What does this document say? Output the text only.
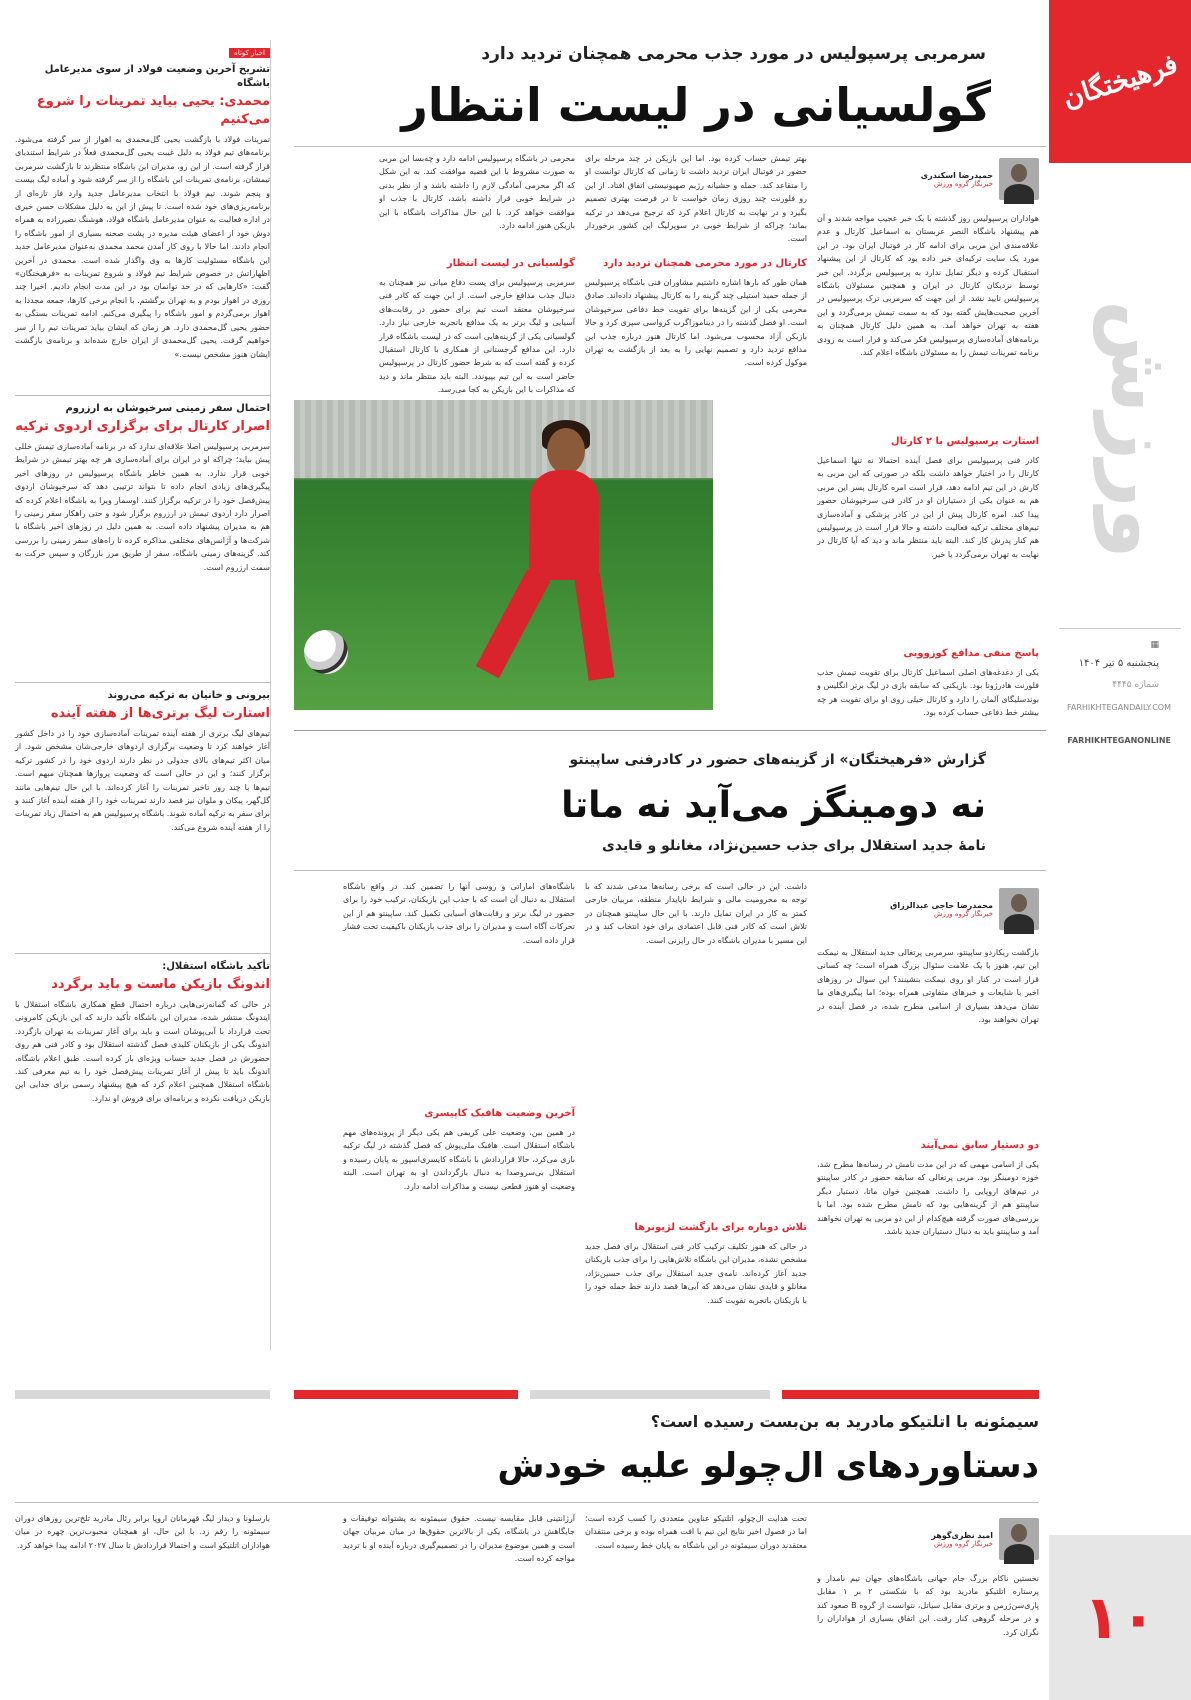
فرهیختگان
ورزش
▦
پنجشنبه ۵ تیر ۱۴۰۴
شماره ۴۴۴۵
FARHIKHTEGANDAILY.COM
FARHIKHTEGANONLINE
۱۰
سرمربی پرسپولیس در مورد جذب محرمی همچنان تردید دارد
گولسیانی در لیست انتظار
حمیدرضا اسکندری
خبرنگار گروه ورزش
هواداران پرسپولیس روز گذشته با یک خبر عجیب مواجه شدند و آن هم پیشنهاد باشگاه النصر عربستان به اسماعیل کارتال و عدم علاقه‌مندی این مربی برای ادامه کار در فوتبال ایران بود. در این مورد یک سایت ترکیه‌ای خبر داده بود که کارتال از این پیشنهاد استقبال کرده و دیگر تمایل ندارد به پرسپولیس برگردد. این خبر توسط نزدیکان کارتال در ایران و همچنین مسئولان باشگاه پرسپولیس تایید نشد. از این جهت که سرمربی ترک پرسپولیس در آخرین صحبت‌هایش گفته بود که به سمت تیمش برمی‌گردد و این هفته به تهران خواهد آمد. به همین دلیل کارتال همچنان به برنامه‌های آماده‌سازی پرسپولیس فکر می‌کند و قرار است به زودی برنامه تمرینات تیمش را به مسئولان باشگاه اعلام کند.
استارت پرسپولیس با ۲ کارتال
کادر فنی پرسپولیس برای فصل آینده احتمالا نه تنها اسماعیل کارتال را در اختیار خواهد داشت بلکه در صورتی که این مربی به کارش در این تیم ادامه دهد، قرار است امره کارتال پسر این مربی هم به عنوان یکی از دستیاران او در کادر فنی سرخپوشان حضور پیدا کند. امره کارتال پیش از این در کادر پزشکی و آماده‌سازی تیم‌های مختلف ترکیه فعالیت داشته و حالا قرار است در پرسپولیس هم کنار پدرش کار کند. البته باید منتظر ماند و دید که آیا کارتال در نهایت به تهران برمی‌گردد یا خیر.
پاسخ منفی مدافع کوزوویی
یکی از دغدغه‌های اصلی اسماعیل کارتال برای تقویت تیمش جذب فلورنت هادرژونا بود. بازیکنی که سابقه بازی در لیگ برتر انگلیس و بوندسلیگای آلمان را دارد و کارتال خیلی روی او برای تقویت هر چه بیشتر خط دفاعی حساب کرده بود.
بهتر تیمش حساب کرده بود. اما این بازیکن در چند مرحله برای حضور در فوتبال ایران تردید داشت تا زمانی که کارتال توانست او را متقاعد کند. حمله و حشیانه رژیم صهیونیستی اتفاق افتاد. از این رو فلورنت چند روزی زمان خواست تا در فرصت بهتری تصمیم بگیرد و در نهایت به کارتال اعلام کرد که ترجیح می‌دهد در ترکیه بماند؛ چراکه از شرایط خوبی در سوپرلیگ این کشور برخوردار است.
کارتال در مورد محرمی همچنان تردید دارد
همان طور که بارها اشاره داشتیم مشاوران فنی باشگاه پرسپولیس از جمله حمید استیلی چند گزینه را به کارتال پیشنهاد داده‌اند. صادق محرمی یکی از این گزینه‌ها برای تقویت خط دفاعی سرخپوشان است. او فصل گذشته را در دیناموزاگرب کرواسی سپری کرد و حالا بازیکن آزاد محسوب می‌شود. اما کارتال هنوز درباره جذب این مدافع تردید دارد و تصمیم نهایی را به بعد از بازگشت به تهران موکول کرده است.
محرمی در باشگاه پرسپولیس ادامه دارد و چه‌بسا این مربی به صورت مشروط با این قضیه موافقت کند. به این شکل که اگر محرمی آمادگی لازم را داشته باشد و از نظر بدنی در شرایط خوبی قرار داشته باشد، کارتال با جذب او موافقت خواهد کرد. با این حال مذاکرات باشگاه با این بازیکن هنوز ادامه دارد.
گولسیانی در لیست انتظار
سرمربی پرسپولیس برای پست دفاع میانی نیز همچنان به دنبال جذب مدافع خارجی است. از این جهت که کادر فنی سرخپوشان معتقد است تیم برای حضور در رقابت‌های آسیایی و لیگ برتر به یک مدافع باتجربه خارجی نیاز دارد. گولسیانی یکی از گزینه‌هایی است که در لیست باشگاه قرار دارد. این مدافع گرجستانی از همکاری با کارتال استقبال کرده و گفته است که به شرط حضور کارتال در پرسپولیس حاضر است به این تیم بپیوندد. البته باید منتظر ماند و دید که مذاکرات با این بازیکن به کجا می‌رسد.
گزارش «فرهیختگان» از گزینه‌های حضور در کادرفنی ساپینتو
نه دومینگز می‌آید نه ماتا
نامهٔ جدید استقلال برای جذب حسین‌نژاد، مغانلو و قایدی
محمدرضا حاجی عبدالرزاق
خبرنگار گروه ورزش
بازگشت ریکاردو ساپینتو، سرمربی پرتغالی جدید استقلال به نیمکت این تیم، هنوز با یک علامت سئوال بزرگ همراه است؛ چه کسانی قرار است در کنار او روی نیمکت بنشینند؟ این سوال در روزهای اخیر با شایعات و خبرهای متفاوتی همراه بوده؛ اما پیگیری‌های ما نشان می‌دهد بسیاری از اسامی مطرح شده، در فصل آینده در تهران نخواهند بود.
دو دستیار سابق نمی‌آیند
یکی از اسامی مهمی که در این مدت نامش در رسانه‌ها مطرح شد، خوزه دومینگز بود. مربی پرتغالی که سابقه حضور در کادر ساپینتو در تیم‌های اروپایی را داشت. همچنین خوان ماتا، دستیار دیگر ساپینتو هم از گزینه‌هایی بود که نامش مطرح شده بود. اما با بررسی‌های صورت گرفته هیچ‌کدام از این دو مربی به تهران نخواهند آمد و ساپینتو باید به دنبال دستیاران جدید باشد.
داشت. این در حالی است که برخی رسانه‌ها مدعی شدند که با توجه به محرومیت مالی و شرایط ناپایدار منطقه، مربیان خارجی کمتر به کار در ایران تمایل دارند. با این حال ساپینتو همچنان در تلاش است که کادر فنی قابل اعتمادی برای خود انتخاب کند و در این مسیر با مدیران باشگاه در حال رایزنی است.
تلاش دوباره برای بازگشت لژیونرها
در حالی که هنوز تکلیف ترکیب کادر فنی استقلال برای فصل جدید مشخص نشده، مدیران این باشگاه تلاش‌هایی را برای جذب بازیکنان جدید آغاز کرده‌اند. نامه‌ی جدید استقلال برای جذب حسین‌نژاد، مغانلو و قایدی نشان می‌دهد که آبی‌ها قصد دارند خط حمله خود را با بازیکنان باتجربه تقویت کنند.
باشگاه‌های اماراتی و روسی آنها را تضمین کند. در واقع باشگاه استقلال به دنبال آن است که با جذب این بازیکنان، ترکیب خود را برای حضور در لیگ برتر و رقابت‌های آسیایی تکمیل کند. ساپینتو هم از این تحرکات آگاه است و مدیران را برای جذب بازیکنان باکیفیت تحت فشار قرار داده است.
آخرین وضعیت هافبک کاپیسری
در همین بین، وضعیت علی کریمی هم یکی دیگر از پرونده‌های مهم باشگاه استقلال است. هافبک ملی‌پوش که فصل گذشته در لیگ ترکیه بازی می‌کرد، حالا قراردادش با باشگاه کایسری‌اسپور به پایان رسیده و استقلال بی‌سروصدا به دنبال بازگرداندن او به تهران است. البته وضعیت او هنوز قطعی نیست و مذاکرات ادامه دارد.
اخبار کوتاه
تشریح آخرین وضعیت فولاد از سوی مدیرعامل باشگاه
محمدی: یحیی بیاید تمرینات را شروع می‌کنیم
تمرینات فولاد با بازگشت یحیی گل‌محمدی به اهواز از سر گرفته می‌شود. برنامه‌های تیم فولاد به دلیل غیبت یحیی گل‌محمدی فعلاً در شرایط استندبای قرار گرفته است. از این رو، مدیران این باشگاه منتظرند تا بازگشت سرمربی تیمشان، برنامه‌ی تمرینات این باشگاه را از سر گرفته شود و آماده لیگ بیست و پنجم شوند. تیم فولاد با انتخاب مدیرعامل جدید وارد فاز تازه‌ای از برنامه‌ریزی‌های خود شده است. تا پیش از این به دلیل مشکلات حسن خیری در اداره فعالیت به عنوان مدیرعامل باشگاه فولاد، هوشنگ نصیرزاده به همراه دوش خود از اعضای هیئت مدیره در پشت صحنه بسیاری از امور باشگاه را انجام دادند. اما حالا با روی کار آمدن محمد محمدی به‌عنوان مدیرعامل جدید این باشگاه مسئولیت کارها به وی واگذار شده است. محمدی در آخرین اظهاراتش در خصوص شرایط تیم فولاد و شروع تمرینات به «فرهیختگان» گفت: «کارهایی که در حد توانمان بود در این مدت انجام دادیم. اخیرا چند روزی در اهواز بودم و به تهران برگشتم. با انجام برخی کارها، جمعه مجددا به اهواز برمی‌گردم و امور باشگاه را پیگیری می‌کنم. ادامه تمرینات بستگی به حضور یحیی گل‌محمدی دارد. هر زمان که ایشان بیاید تمرینات تیم را از سر خواهیم گرفت. یحیی گل‌محمدی از ایران خارج شده‌اند و برنامه‌ی بازگشت ایشان هنوز مشخص نیست.»
احتمال سفر زمینی سرخپوشان به ارزروم
اصرار کارتال برای برگزاری اردوی ترکیه
سرمربی پرسپولیس اصلا علاقه‌ای ندارد که در برنامه آماده‌سازی تیمش خللی پیش بیاید؛ چراکه او در ایران برای آماده‌سازی هر چه بهتر تیمش در شرایط خوبی قرار ندارد. به همین خاطر باشگاه پرسپولیس در روزهای اخیر پیگیری‌های زیادی انجام داده تا بتواند ترتیبی دهد که سرخپوشان اردوی پیش‌فصل خود را در ترکیه برگزار کنند. اوسمار ویرا به باشگاه اعلام کرده که اصرار دارد اردوی تیمش در ارزروم برگزار شود و حتی راهکار سفر زمینی را هم به مدیران پیشنهاد داده است. به همین دلیل در روزهای اخیر باشگاه با شرکت‌ها و آژانس‌های مختلفی مذاکره کرده تا راه‌های سفر زمینی را بررسی کند. گزینه‌های زمینی باشگاه، سفر از طریق مرز بازرگان و سپس حرکت به سمت ارزروم است.
بیرونی و خانیان به ترکیه می‌روند
استارت لیگ برتری‌ها از هفته آینده
تیم‌های لیگ برتری از هفته آینده تمرینات آماده‌سازی خود را در داخل کشور آغاز خواهند کرد تا وضعیت برگزاری اردوهای خارجی‌شان مشخص شود. از میان اکثر تیم‌های بالای جدولی در نظر دارند اردوی خود را در کشور ترکیه برگزار کنند؛ و این در حالی است که وضعیت پروازها همچنان مبهم است. تیم‌ها با چند روز تاخیر تمرینات را آغاز کرده‌اند. با این حال تیم‌هایی مانند گل‌گهر، پیکان و ملوان نیز قصد دارند تمرینات خود را از هفته آینده آغاز کنند و برای سفر به ترکیه آماده شوند. باشگاه پرسپولیس هم به احتمال زیاد تمرینات را از هفته آینده شروع می‌کند.
تأکید باشگاه استقلال:
اندونگ بازیکن ماست و باید برگردد
در حالی که گمانه‌زنی‌هایی درباره احتمال قطع همکاری باشگاه استقلال با ایندونگ منتشر شده، مدیران این باشگاه تأکید دارند که این بازیکن کامرونی تحت قرارداد با آبی‌پوشان است و باید برای آغاز تمرینات به تهران بازگردد. اندونگ یکی از بازیکنان کلیدی فصل گذشته استقلال بود و کادر فنی هم روی حضورش در فصل جدید حساب ویژه‌ای باز کرده است. طبق اعلام باشگاه، اندونگ باید تا پیش از آغاز تمرینات پیش‌فصل خود را به تیم معرفی کند. باشگاه استقلال همچنین اعلام کرد که هیچ پیشنهاد رسمی برای جدایی این بازیکن دریافت نکرده و برنامه‌ای برای فروش او ندارد.
سیمئونه با اتلتیکو مادرید به بن‌بست رسیده است؟
دستاوردهای ال‌چولو علیه خودش
امید نظری‌گوهر
خبرنگار گروه ورزش
نخستین ناکام بزرگ جام جهانی باشگاه‌های جهان تیم نامدار و پرستاره اتلتیکو مادرید بود که با شکستی ۲ بر ۱ مقابل پاری‌سن‌ژرمن و برتری مقابل سیاتل، نتوانست از گروه B صعود کند و در مرحله گروهی کنار رفت. این اتفاق بسیاری از هواداران را نگران کرد.
تحت هدایت ال‌چولو، اتلتیکو عناوین متعددی را کسب کرده است؛ اما در فصول اخیر نتایج این تیم با افت همراه بوده و برخی منتقدان معتقدند دوران سیمئونه در این باشگاه به پایان خط رسیده است.
آرژانتینی قابل مقایسه نیست. حقوق سیمئونه به پشتوانه توفیقات و جایگاهش در باشگاه، یکی از بالاترین حقوق‌ها در میان مربیان جهان است و همین موضوع مدیران را در تصمیم‌گیری درباره آینده او با تردید مواجه کرده است.
بارسلونا و دیدار لیگ قهرمانان اروپا برابر رئال مادرید تلخ‌ترین روزهای دوران سیمئونه را رقم زد. با این حال، او همچنان محبوب‌ترین چهره در میان هواداران اتلتیکو است و احتمالا قراردادش تا سال ۲۰۲۷ ادامه پیدا خواهد کرد.
